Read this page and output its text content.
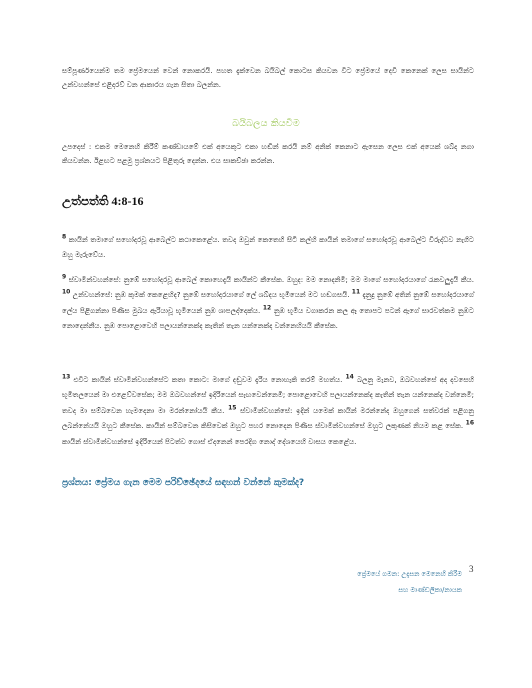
සම්පූර්ණයෙන්ම තම ප්‍රේමයෙන් වෙන් නොකරයි. පහත දැක්වෙන බයිබල් කොටස කියවන විට ප්‍රේමයේ දෙවි කෙනෙක් ලෙස සායින්ට උන්වහන්සේ එළිදරව් වන ආකාරය ගැන සිතා බලන්න.

බයිබලය කියවීම

උපදෙස් : එකම මෙනෙහි කිරීම් කණ්ඩායමේ එක් අයෙකුට එකා හඬින් කරයි නම් අනික් කෙනාට ඇසෙන ලෙස එක් අයෙක් ශබ්ද නගා කියවන්න. ඊළඟට පළමු ප්‍රශ්නයට පිළිතුරු දෙන්න. එය සාකච්ඡා කරන්න.

උත්පත්ති 4:8-16

$^8$ කායින් තමාගේ සහෝදරවූ ආබෙල්ට කථාකෙළේය. තවද ඔවුන් කෙතෙහි සිටි කල්හි කායින් තමාගේ සහෝදරවූ ආබෙල්ට විරුද්ධව නැගිට ඔහු මැරුවේය.

$^9$ ස්වාමීන්වහන්සේ: නුඹේ සහෝදරවූ ආබෙල් කොහෙදැයි කායින්ට කීසේක. ඔහුද: මම නොදනිමි; මම මාගේ සහෝදරයාගේ රැකවලුදැයි කීය. $^{10}$ උන්වහන්සේ: නුඹ කුමක් කෙළෙහිද? නුඹේ සහෝදරයාගේ ලේ ශබ්දය භූමියෙන් මට හඬගසයි. $^{11}$ දැනුදු නුඹේ අතින් නුඹේ සහෝදරයාගේ ලේය පිළිගන්නා පිණිස මුඛය ඇරියාවූ භූමියෙන් නුඹ ශාපලද්දෙක්ය. $^{12}$ නුඹ භූමිය වගාකරන කල ඈ තොපට පටන් ඇගේ සාරවත්කම නුඹට නොදෙන්නීය. නුඹ පොළොවෙහි පලායන්නෙක්ද කැතින් තැන යන්නෙක්ද වන්නෙහියයි කීසේක.

$^{13}$ එවිට කායින් ස්වාමීන්වහන්සේට කතා කොට: මාගේ දඬුවම දැරිය නොහැකි තරම් මහත්ය. $^{14}$ බලනු මැනව, ඔබවහන්සේ අද දවසෙහි භූමිතලයෙන් මා එළෙව්වසේක; මම ඔබවහන්සේ ඉදිරියෙන් සැඟවෙන්නෙමි; පොළොවෙහි පලායන්නෙක්ද කැතින් තැන යන්නෙක්ද වන්නෙමි; තවද මා සම්බවෙන හැමදෙනා මා මරන්නෝයයි කීය. $^{15}$ ස්වාමීන්වහන්සේ: ඉදින් යමෙක් කායින් මරන්නේද ඔහුගෙන් සත්වරක් පළිගනු ලබන්නේයයි ඔහුට කීසේක. කායින් සම්බවෙන කිසිවෙක් ඔහුට පහර නොදෙන පිණිස ස්වාමීන්වහන්සේ ඔහුට ලකුණක් නියම කළ සේක. $^{16}$ කායින් ස්වාමීන්වහන්සේ ඉදිරියෙන් පිටත්ව ගොස් ඒදනෙන් පෙරදිග නොද් දේශයෙහි වාසය කෙළේය.

ප්‍රශ්නය: ප්‍රේමය ගැන මෙම පරිච්ඡේදයේ සඳහන් වන්නේ කුමක්ද?
ප්‍රේමයේ ගමන: උදැසන මෙනෙහි කිරීම
සහ මාණ්ඩලිකා/නායක
3
